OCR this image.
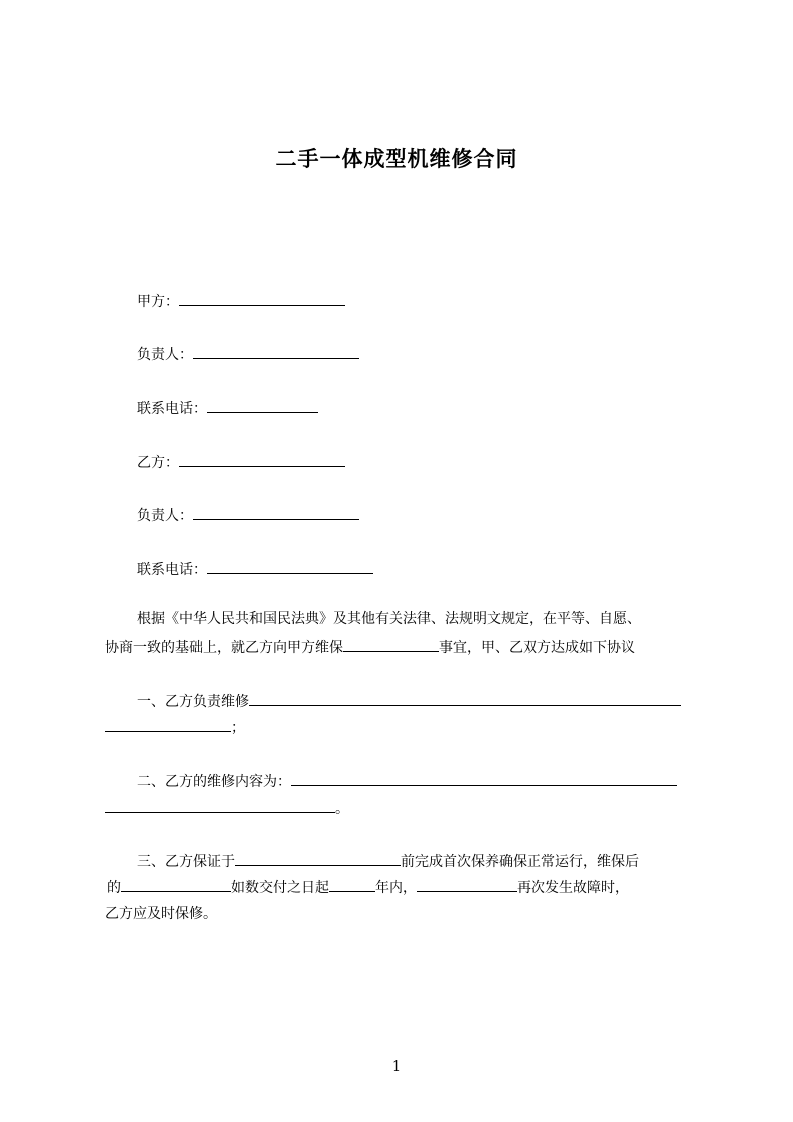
二手一体成型机维修合同
甲方：
负责人：
联系电话：
乙方：
负责人：
联系电话：
根据《中华人民共和国民法典》及其他有关法律、法规明文规定，在平等、自愿、
协商一致的基础上，就乙方向甲方维保	事宜，甲、乙双方达成如下协议
一、乙方负责维修
；
二、乙方的维修内容为：
。
三、乙方保证于	前完成首次保养确保正常运行，维保后
的	如数交付之日起	年内，	再次发生故障时，
乙方应及时保修。
1
